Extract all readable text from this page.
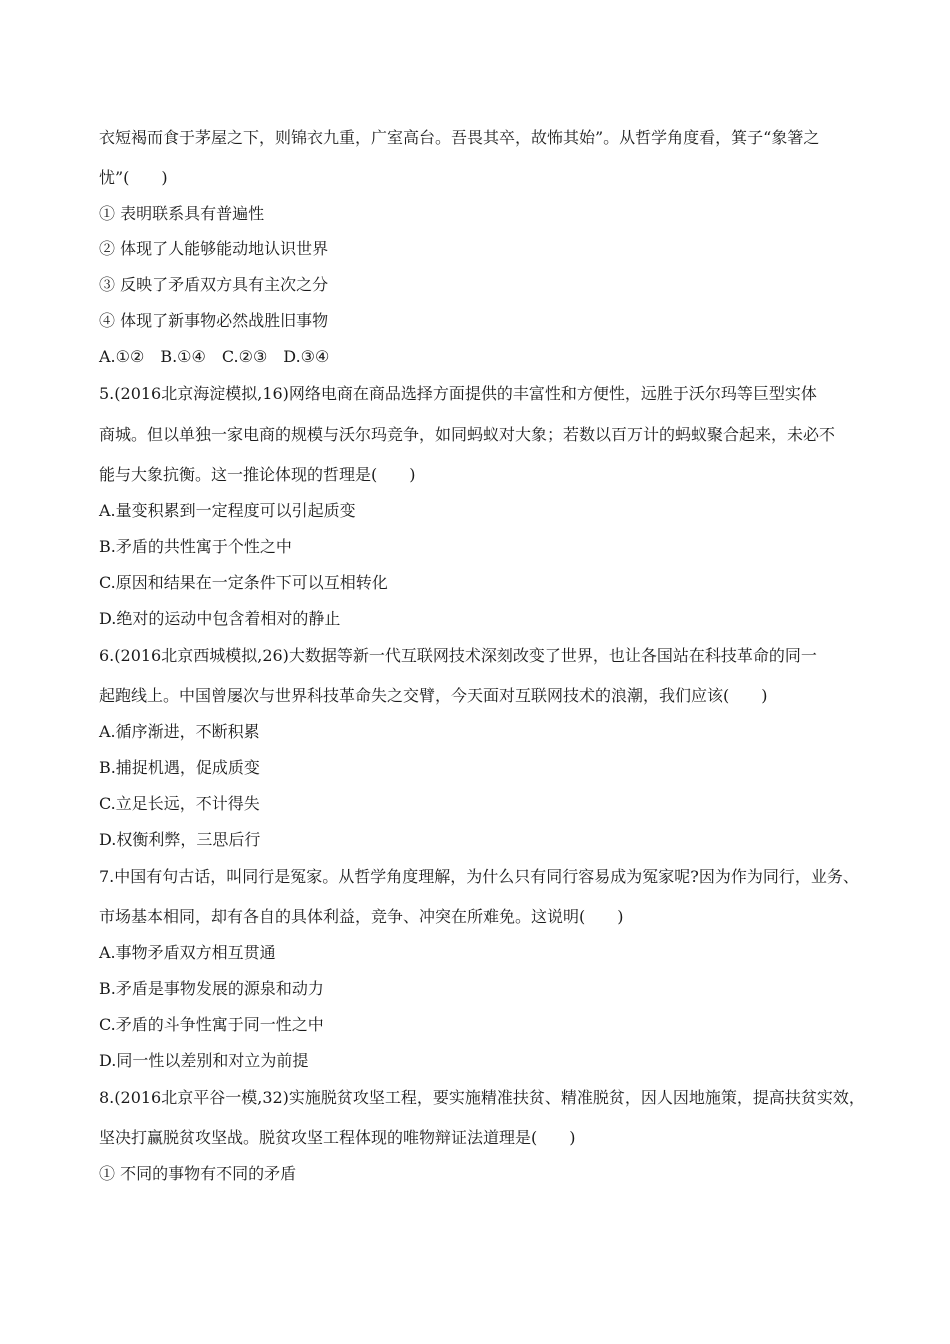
衣短褐而食于茅屋之下，则锦衣九重，广室高台。吾畏其卒，故怖其始”。从哲学角度看，箕子“象箸之
忧”(　　)
① 表明联系具有普遍性
② 体现了人能够能动地认识世界
③ 反映了矛盾双方具有主次之分
④ 体现了新事物必然战胜旧事物
A.①②　B.①④　C.②③　D.③④
5.(2016北京海淀模拟,16)网络电商在商品选择方面提供的丰富性和方便性，远胜于沃尔玛等巨型实体
商城。但以单独一家电商的规模与沃尔玛竞争，如同蚂蚁对大象；若数以百万计的蚂蚁聚合起来，未必不
能与大象抗衡。这一推论体现的哲理是(　　)
A.量变积累到一定程度可以引起质变
B.矛盾的共性寓于个性之中
C.原因和结果在一定条件下可以互相转化
D.绝对的运动中包含着相对的静止
6.(2016北京西城模拟,26)大数据等新一代互联网技术深刻改变了世界，也让各国站在科技革命的同一
起跑线上。中国曾屡次与世界科技革命失之交臂，今天面对互联网技术的浪潮，我们应该(　　)
A.循序渐进，不断积累
B.捕捉机遇，促成质变
C.立足长远，不计得失
D.权衡利弊，三思后行
7.中国有句古话，叫同行是冤家。从哲学角度理解，为什么只有同行容易成为冤家呢?因为作为同行，业务、
市场基本相同，却有各自的具体利益，竞争、冲突在所难免。这说明(　　)
A.事物矛盾双方相互贯通
B.矛盾是事物发展的源泉和动力
C.矛盾的斗争性寓于同一性之中
D.同一性以差别和对立为前提
8.(2016北京平谷一模,32)实施脱贫攻坚工程，要实施精准扶贫、精准脱贫，因人因地施策，提高扶贫实效，
坚决打赢脱贫攻坚战。脱贫攻坚工程体现的唯物辩证法道理是(　　)
① 不同的事物有不同的矛盾
